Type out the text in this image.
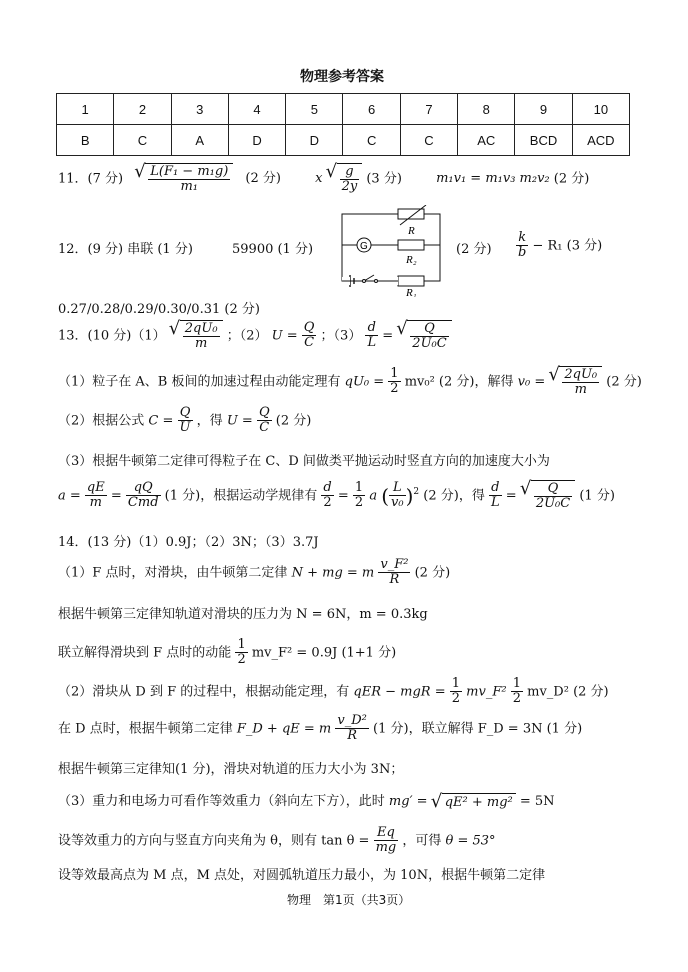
物理参考答案
1	2	3	4	5	6	7	8	9	10
B	C	A	D	D	C	C	AC	BCD	ACD
11．(7 分) √ $\frac{\text{L(F₁ − m₁g)}}{\text{m₁}} (2$ 分)	x √ $\frac{g}{2y} (3$ 分)	m₁v₁ = m₁v₃ m₂v₂ (2 分)
12．(9 分) 串联 (1 分)	59900 (1 分)	G
R
R₂
R₁
(2 分) $\frac{k}{b} - R_1$ (3 分)
0.27/0.28/0.29/0.30/0.31 (2 分)
13．(10 分)（1） √ $\frac{\text{2qU₀}}{m}$ ；（2） $U = \frac{Q}{C}$ ；$(3) \frac{d}{L}$ = √ $\frac{Q}{\text{2U₀C}}$
（1）粒子在 A、B 板间的加速过程由动能定理有 $qU_0 = \frac{1}{2} mv_0^2$ (2 分)，解得 v₀ = √ $\frac{\text{2qU₀}}{m} (2$ 分)
（2）根据公式 $C = \frac{Q}{U}$ ，得 $U = \frac{Q}{C} (2$ 分)
（3）根据牛顿第二定律可得粒子在 C、D 间做类平抛运动时竖直方向的加速度大小为
$a = \frac{qE}{m} = \frac{qQ}{\text{Cmd}} (1$ 分)，根据运动学规律有 $\frac{d}{2} = \frac{1}{2}$ a ( $\frac{L}{\text{v₀}} )^2$ (2 分)，得 $\frac{d}{L}$ = √ $\frac{Q}{\text{2U₀C}} (1$ 分)
14．(13 分)（1）0.9J；（2）3N；（3）3.7J
（1）F 点时，对滑块，由牛顿第二定律 N + mg = m $\frac{\text{v\_F²}}{R} (2$ 分)
根据牛顿第三定律知轨道对滑块的压力为 N = 6N，m = 0.3kg
联立解得滑块到 F 点时的动能 $\frac{1}{2}$ mv_F² = 0.9J (1+1 分)
（2）滑块从 D 到 F 的过程中，根据动能定理，有 qER − mgR = $\frac{1}{2}$ mv_F² $\frac{1}{2}$ mv_D² (2 分)
在 D 点时，根据牛顿第二定律 F_D + qE = m $\frac{\text{v\_D²}}{R} (1$ 分)，联立解得 F_D = 3N (1 分)
根据牛顿第三定律知(1 分)，滑块对轨道的压力大小为 3N；
（3）重力和电场力可看作等效重力（斜向左下方），此时 mg′ = √ qE² + mg² = 5N
设等效重力的方向与竖直方向夹角为 θ，则有 $\tan \theta = \frac{Eq}{mg}$ ，可得 θ = 53°
设等效最高点为 M 点，M 点处，对圆弧轨道压力最小，为 10N，根据牛顿第二定律
物理　第1页（共3页）
